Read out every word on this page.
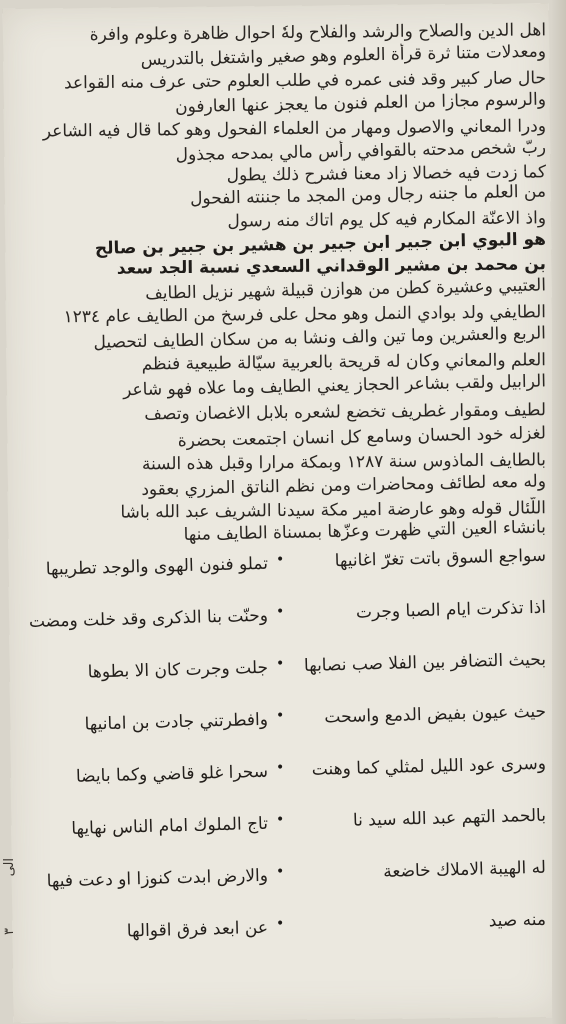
اهل الدين والصلاح والرشد والفلاح ولهٗ احوال ظاهرة وعلوم وافرة
ومعدلات متنا ثرة قرأة العلوم وهو صغير واشتغل بالتدريس
حال صار كبير وقد فنى عمره في طلب العلوم حتى عرف منه القواعد
والرسوم مجازا من العلم فنون ما يعجز عنها العارفون
ودرا المعاني والاصول ومهار من العلماء الفحول وهو كما قال فيه الشاعر
ربّ شخص مدحته بالقوافي رأس مالي بمدحه مجذول
كما زدت فيه خصالا زاد معنا فشرح ذلك يطول
من العلم ما جننه رجال ومن المجد ما جننته الفحول
واذ الاعنّة المكارم فيه كل يوم اتاك منه رسول
هو البوي ابن جبير ابن جبير بن هشير بن جبير بن صالح
بن محمد بن مشير الوقداني السعدي نسبة الجد سعد
العتيبي وعشيرة كطن من هوازن قبيلة شهير نزيل الطايف
الطايفي ولد بوادي النمل وهو محل على فرسخ من الطايف عام ١٢٣٤
الربع والعشرين وما تين والف ونشا به من سكان الطايف لتحصيل
العلم والمعاني وكان له قريحة بالعربية سيّالة طبيعية فنظم
الرابيل ولقب بشاعر الحجاز يعني الطايف وما علاه فهو شاعر
لطيف ومقوار غطريف تخضع لشعره بلابل الاغصان وتصف
لغزله خود الحسان وسامع كل انسان اجتمعت بحضرة
بالطايف الماذوس سنة ١٢٨٧ وبمكة مرارا وقبل هذه السنة
وله معه لطائف ومحاضرات ومن نظم الناتق المزري بعقود
اللّئال قوله وهو عارضة امير مكة سيدنا الشريف عبد الله باشا
بانشاء العين التي ظهرت وعزّها بمسناة الطايف منها
سواجع السوق باتت تغرّ اغانيها
•
تملو فنون الهوى والوجد تطريبها
اذا تذكرت ايام الصبا وجرت
•
وحنّت بنا الذكرى وقد خلت ومضت
بحيث التضافر بين الفلا صب نصابها
•
جلت وجرت كان الا بطوها
حيث عيون بفيض الدمع واسحت
•
وافطرتني جادت بن امانيها
وسرى عود الليل لمثلي كما وهنت
•
سحرا غلو قاضي وكما بايضا
بالحمد التهم عبد الله سيد نا
•
تاج الملوك امام الناس نهايها
له الهيبة الاملاك خاضعة
•
والارض ابدت كنوزا او دعت فيها
منه صيد
•
عن ابعد فرق اقوالها
الى
٣
